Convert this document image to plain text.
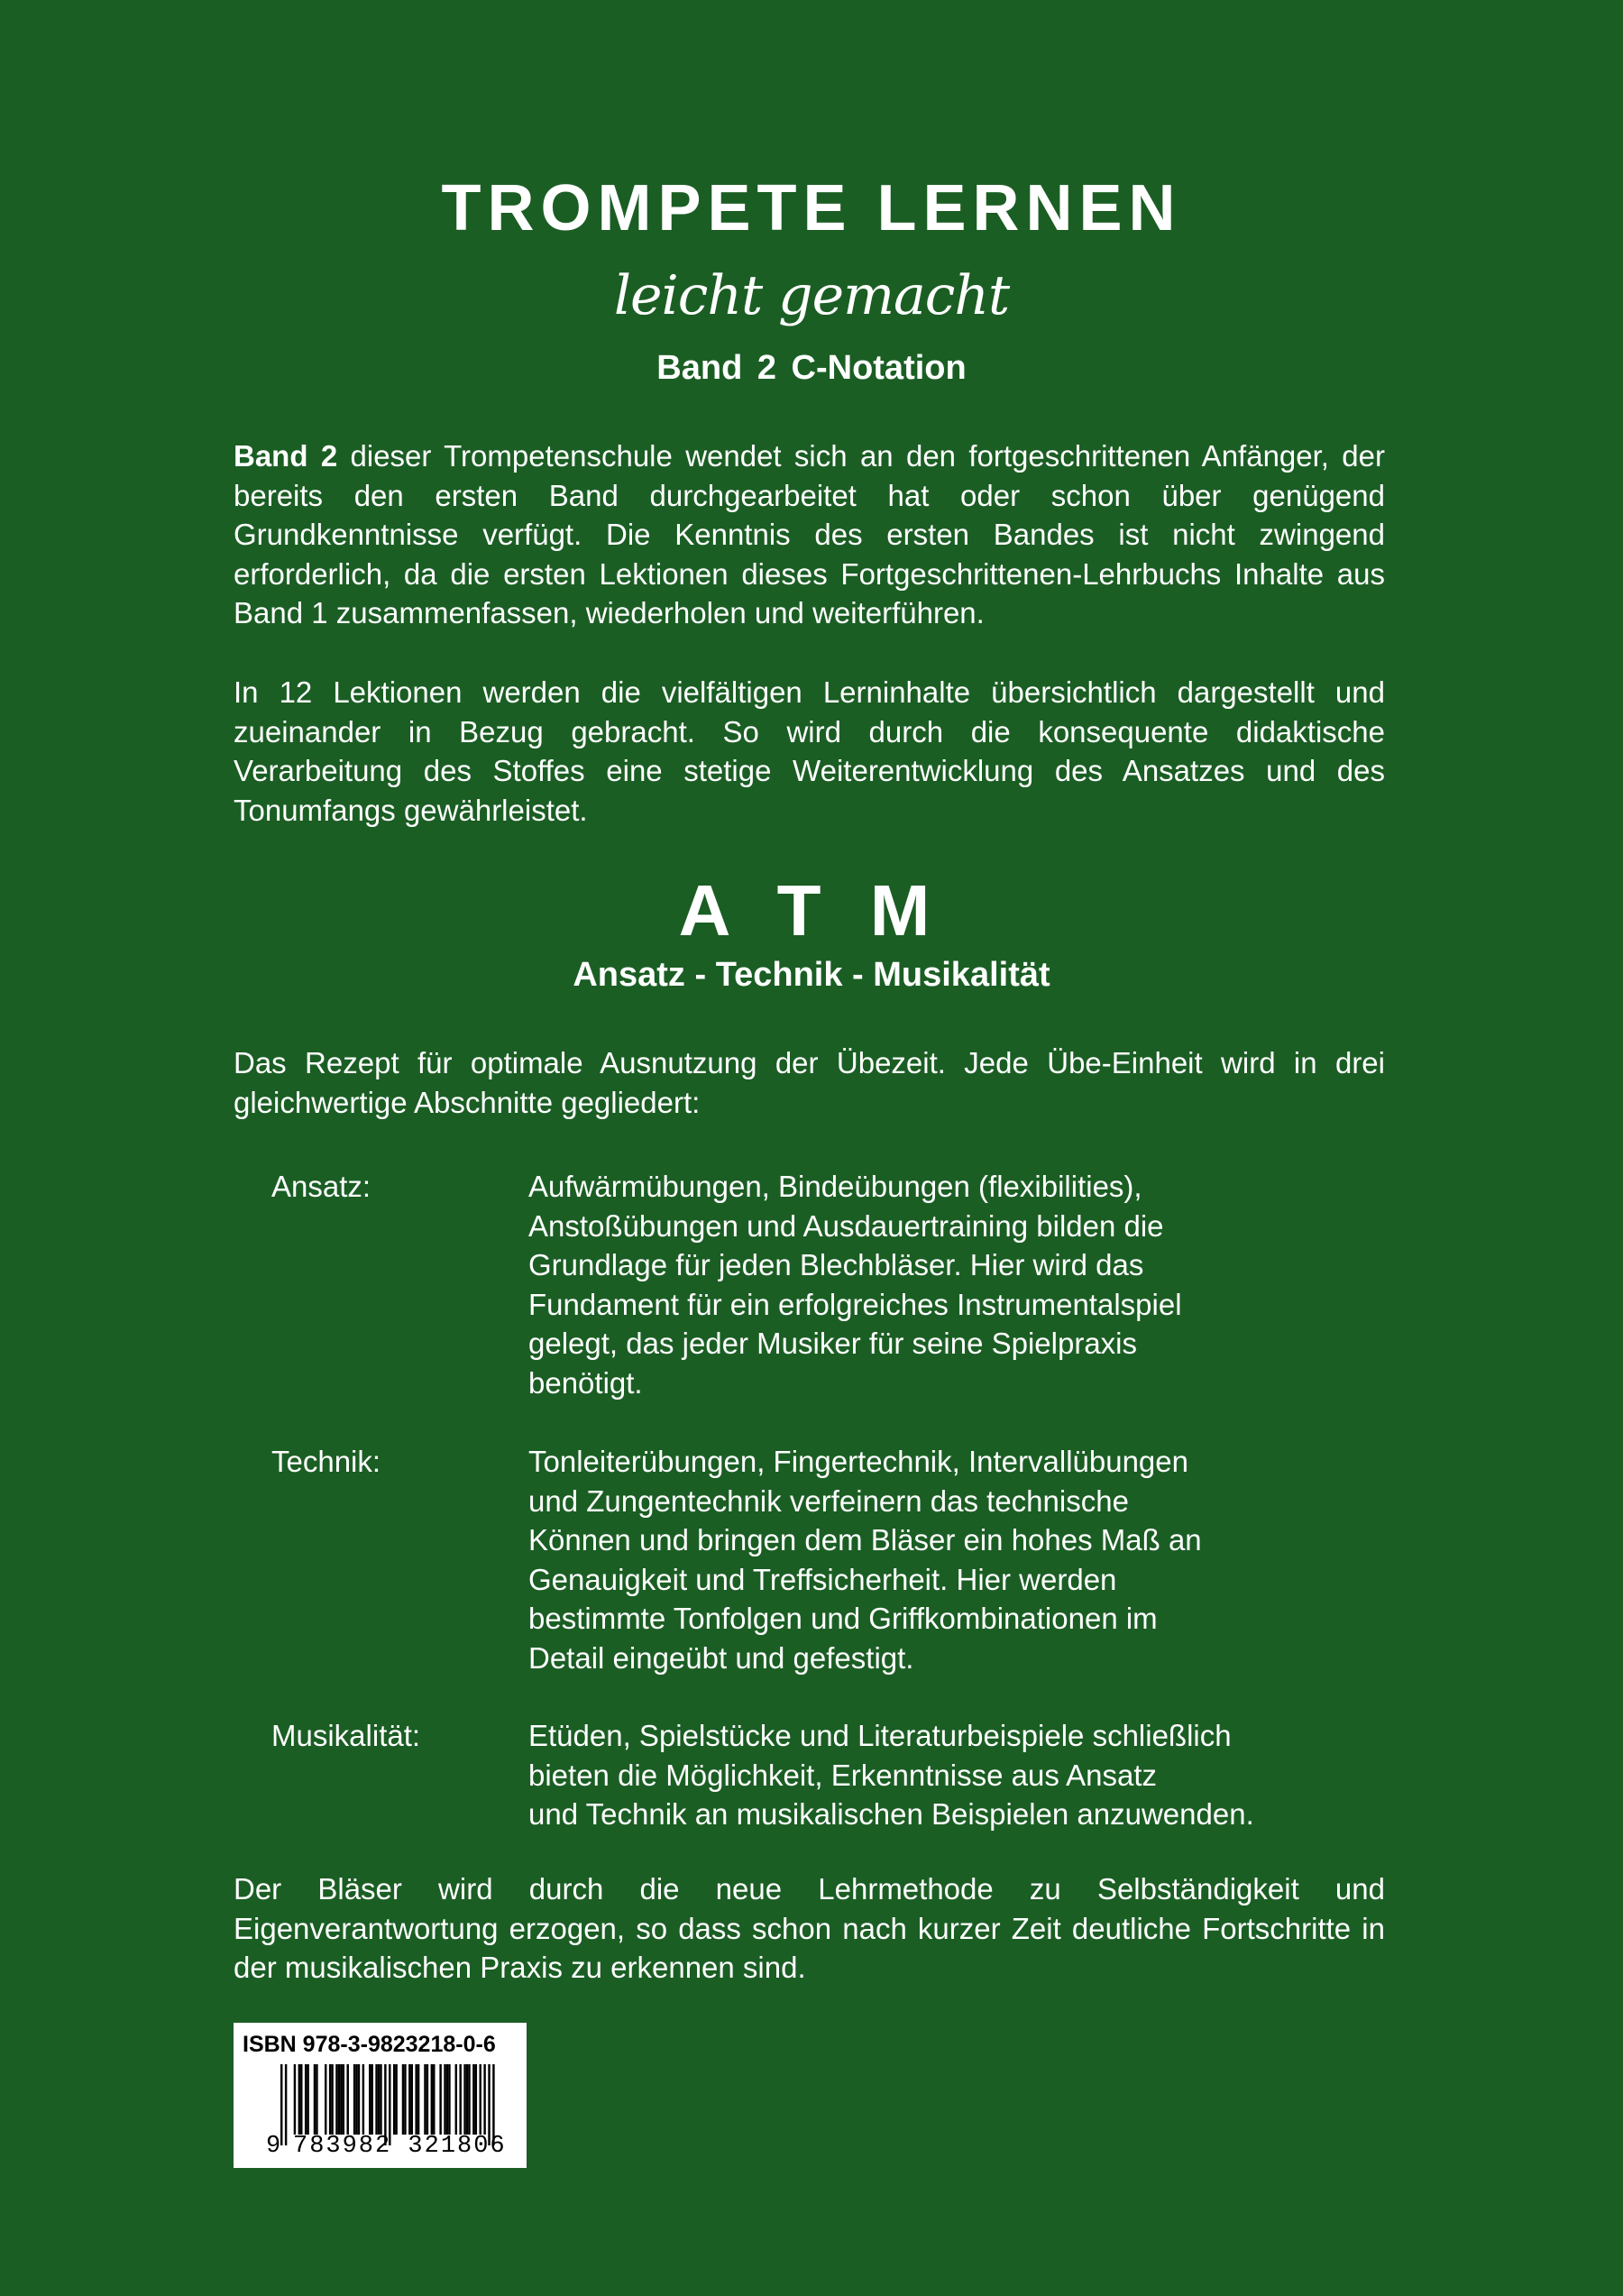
TROMPETE LERNEN
leicht gemacht
Band 2 C-Notation
Band 2 dieser Trompetenschule wendet sich an den fortgeschrittenen Anfänger, der bereits den ersten Band durchgearbeitet hat oder schon über genügend Grundkenntnisse verfügt. Die Kenntnis des ersten Bandes ist nicht zwingend erforderlich, da die ersten Lektionen dieses Fortgeschrittenen-Lehrbuchs Inhalte aus Band 1 zusammenfassen, wiederholen und weiterführen.
In 12 Lektionen werden die vielfältigen Lerninhalte übersichtlich dargestellt und zueinander in Bezug gebracht. So wird durch die konsequente didaktische Verarbeitung des Stoffes eine stetige Weiterentwicklung des Ansatzes und des Tonumfangs gewährleistet.
A T M
Ansatz - Technik - Musikalität
Das Rezept für optimale Ausnutzung der Übezeit. Jede Übe-Einheit wird in drei gleichwertige Abschnitte gegliedert:
Ansatz:	Aufwärmübungen, Bindeübungen (flexibilities),
Anstoßübungen und Ausdauertraining bilden die
Grundlage für jeden Blechbläser. Hier wird das
Fundament für ein erfolgreiches Instrumentalspiel
gelegt, das jeder Musiker für seine Spielpraxis
benötigt.
Technik:	Tonleiterübungen, Fingertechnik, Intervallübungen
und Zungentechnik verfeinern das technische
Können und bringen dem Bläser ein hohes Maß an
Genauigkeit und Treffsicherheit. Hier werden
bestimmte Tonfolgen und Griffkombinationen im
Detail eingeübt und gefestigt.
Musikalität:	Etüden, Spielstücke und Literaturbeispiele schließlich
bieten die Möglichkeit, Erkenntnisse aus Ansatz
und Technik an musikalischen Beispielen anzuwenden.
Der Bläser wird durch die neue Lehrmethode zu Selbständigkeit und Eigenverantwortung erzogen, so dass schon nach kurzer Zeit deutliche Fortschritte in der musikalischen Praxis zu erkennen sind.
ISBN 978-3-9823218-0-6
9 783982 321806
